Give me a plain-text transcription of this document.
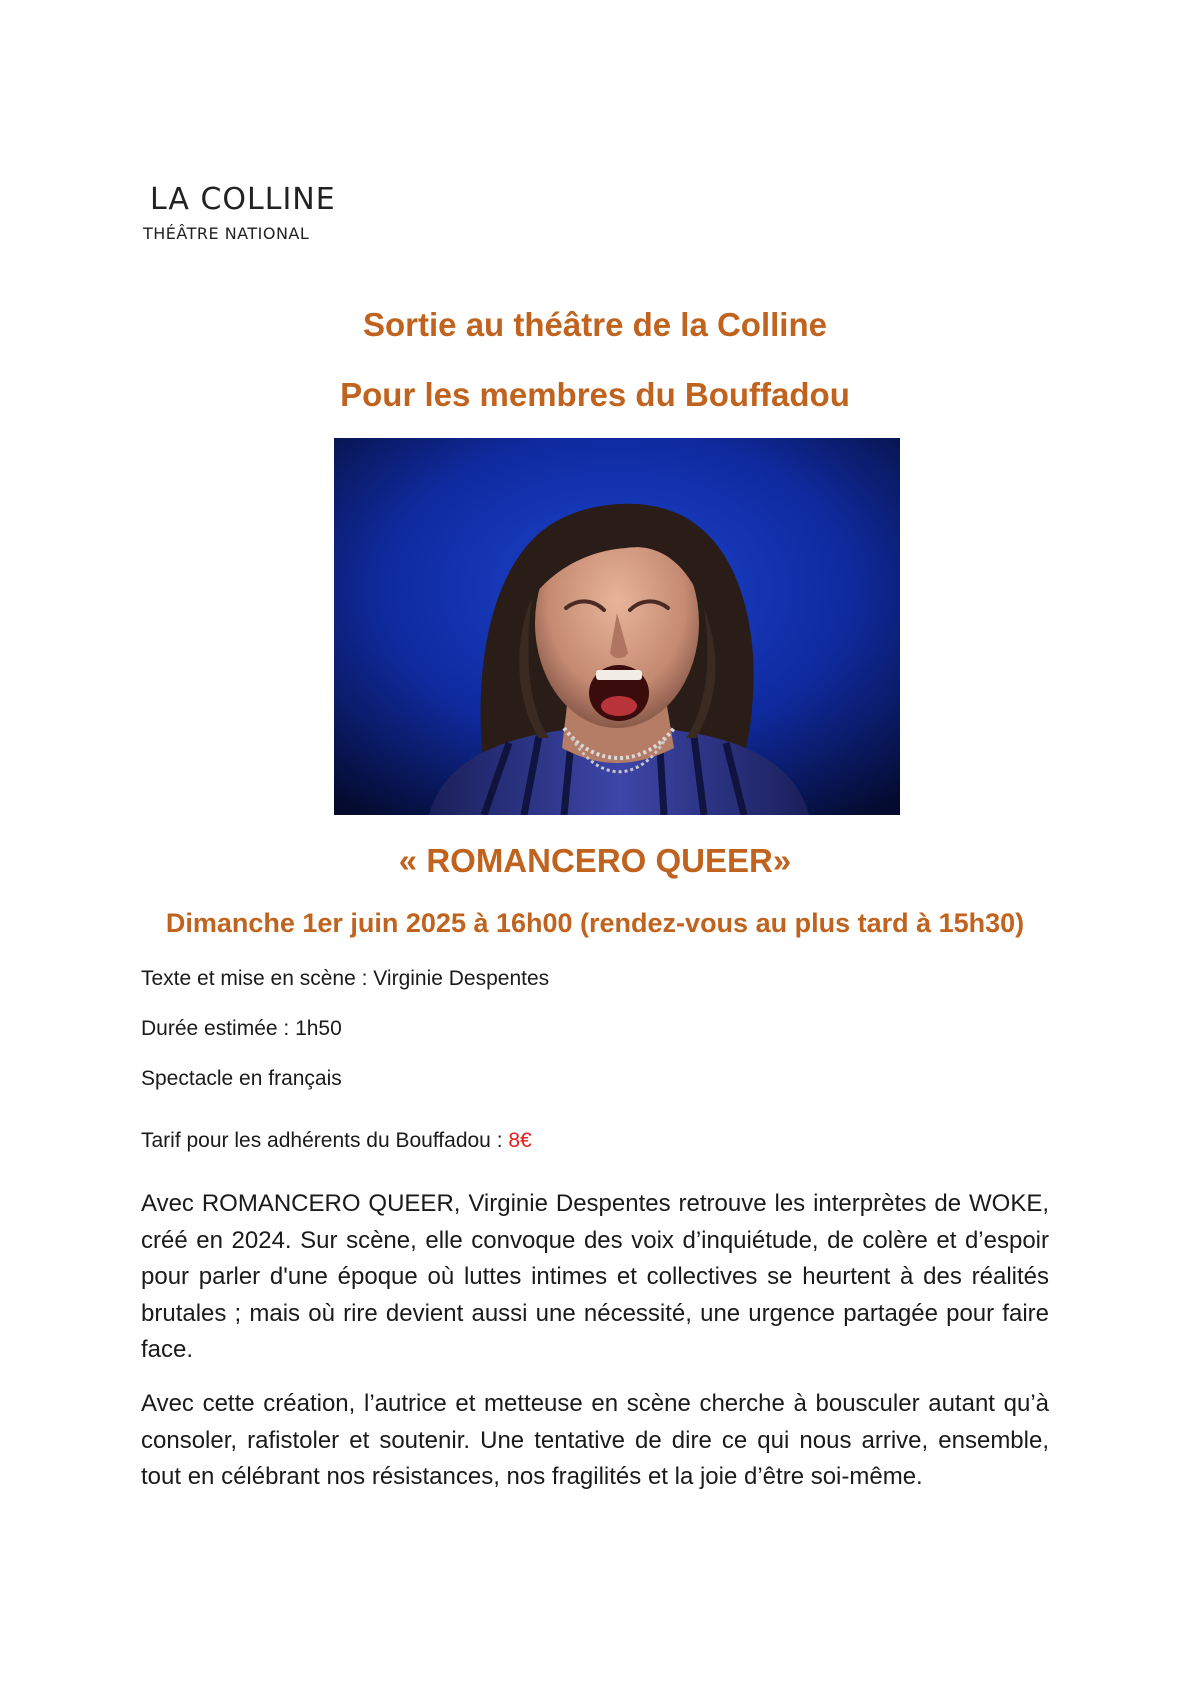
LA COLLINE
THÉÂTRE NATIONAL
Sortie au théâtre de la Colline
Pour les membres du Bouffadou
« ROMANCERO QUEER»
Dimanche 1er juin 2025 à 16h00 (rendez-vous au plus tard à 15h30)
Texte et mise en scène : Virginie Despentes
Durée estimée : 1h50
Spectacle en français
Tarif pour les adhérents du Bouffadou : 8€
Avec ROMANCERO QUEER, Virginie Despentes retrouve les interprètes de WOKE, créé en 2024. Sur scène, elle convoque des voix d’inquiétude, de colère et d’espoir pour parler d'une époque où luttes intimes et collectives se heurtent à des réalités brutales ; mais où rire devient aussi une nécessité, une urgence partagée pour faire face.
Avec cette création, l’autrice et metteuse en scène cherche à bousculer autant qu’à consoler, rafistoler et soutenir. Une tentative de dire ce qui nous arrive, ensemble, tout en célébrant nos résistances, nos fragilités et la joie d’être soi-même.
